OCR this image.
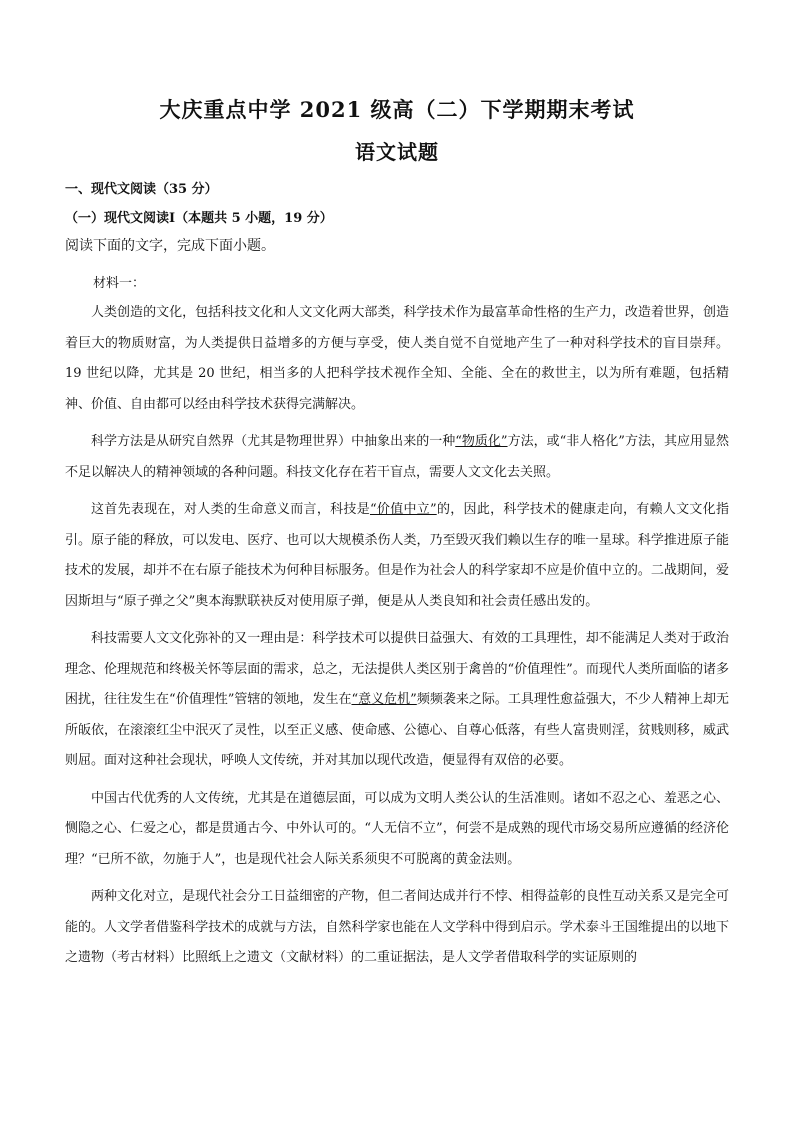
大庆重点中学 2021 级高（二）下学期期末考试
语文试题
一、现代文阅读（35 分）
（一）现代文阅读Ⅰ（本题共 5 小题，19 分）
阅读下面的文字，完成下面小题。
材料一：

人类创造的文化，包括科技文化和人文文化两大部类，科学技术作为最富革命性格的生产力，改造着世界，创造着巨大的物质财富，为人类提供日益增多的方便与享受，使人类自觉不自觉地产生了一种对科学技术的盲目崇拜。19 世纪以降，尤其是 20 世纪，相当多的人把科学技术视作全知、全能、全在的救世主，以为所有难题，包括精神、价值、自由都可以经由科学技术获得完满解决。

科学方法是从研究自然界（尤其是物理世界）中抽象出来的一种“物质化”方法，或“非人格化”方法，其应用显然不足以解决人的精神领域的各种问题。科技文化存在若干盲点，需要人文文化去关照。

这首先表现在，对人类的生命意义而言，科技是“价值中立”的，因此，科学技术的健康走向，有赖人文文化指引。原子能的释放，可以发电、医疗、也可以大规模杀伤人类，乃至毁灭我们赖以生存的唯一星球。科学推进原子能技术的发展，却并不在右原子能技术为何种目标服务。但是作为社会人的科学家却不应是价值中立的。二战期间，爱因斯坦与“原子弹之父”奥本海默联袂反对使用原子弹，便是从人类良知和社会责任感出发的。

科技需要人文文化弥补的又一理由是：科学技术可以提供日益强大、有效的工具理性，却不能满足人类对于政治理念、伦理规范和终极关怀等层面的需求，总之，无法提供人类区别于禽兽的“价值理性”。而现代人类所面临的诸多困扰，往往发生在“价值理性”管辖的领地，发生在“意义危机”频频袭来之际。工具理性愈益强大，不少人精神上却无所皈依，在滚滚红尘中泯灭了灵性，以至正义感、使命感、公德心、自尊心低落，有些人富贵则淫，贫贱则移，威武则屈。面对这种社会现状，呼唤人文传统，并对其加以现代改造，便显得有双倍的必要。

中国古代优秀的人文传统，尤其是在道德层面，可以成为文明人类公认的生活准则。诸如不忍之心、羞恶之心、恻隐之心、仁爱之心，都是贯通古今、中外认可的。“人无信不立”，何尝不是成熟的现代市场交易所应遵循的经济伦理？“已所不欲，勿施于人”，也是现代社会人际关系须臾不可脱离的黄金法则。

两种文化对立，是现代社会分工日益细密的产物，但二者间达成并行不悖、相得益彰的良性互动关系又是完全可能的。人文学者借鉴科学技术的成就与方法，自然科学家也能在人文学科中得到启示。学术泰斗王国维提出的以地下之遗物（考古材料）比照纸上之遗文（文献材料）的二重证据法，是人文学者借取科学的实证原则的
